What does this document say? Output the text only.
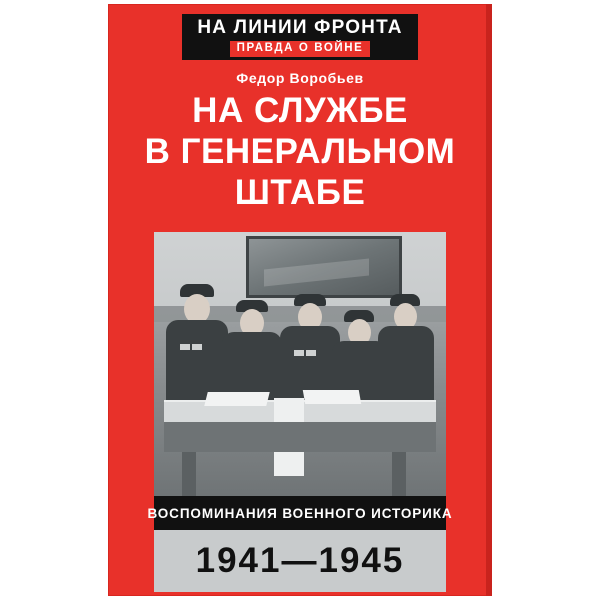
НА ЛИНИИ ФРОНТА
ПРАВДА О ВОЙНЕ
Федор Воробьев
НА СЛУЖБЕ
В ГЕНЕРАЛЬНОМ
ШТАБЕ
ВОСПОМИНАНИЯ ВОЕННОГО ИСТОРИКА
1941—1945
